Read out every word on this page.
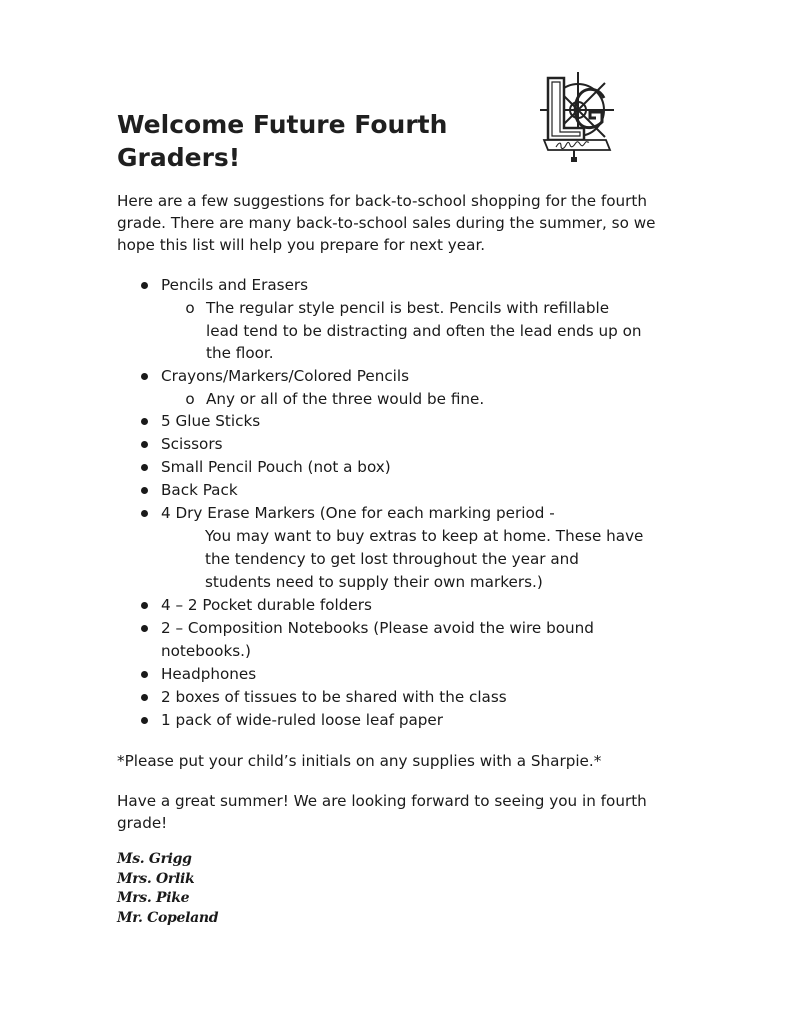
Welcome Future Fourth
Graders!

Here are a few suggestions for back-to-school shopping for the fourth grade. There are many back-to-school sales during the summer, so we hope this list will help you prepare for next year.

Pencils and Erasers
o The regular style pencil is best. Pencils with refillable lead tend to be distracting and often the lead ends up on the floor.
Crayons/Markers/Colored Pencils
o Any or all of the three would be fine.
5 Glue Sticks
Scissors
Small Pencil Pouch (not a box)
Back Pack
4 Dry Erase Markers (One for each marking period -
You may want to buy extras to keep at home. These have the tendency to get lost throughout the year and students need to supply their own markers.)
4 – 2 Pocket durable folders
2 – Composition Notebooks (Please avoid the wire bound notebooks.)
Headphones
2 boxes of tissues to be shared with the class
1 pack of wide-ruled loose leaf paper

*Please put your child’s initials on any supplies with a Sharpie.*

Have a great summer! We are looking forward to seeing you in fourth grade!

Ms. Grigg
Mrs. Orlik
Mrs. Pike
Mr. Copeland
